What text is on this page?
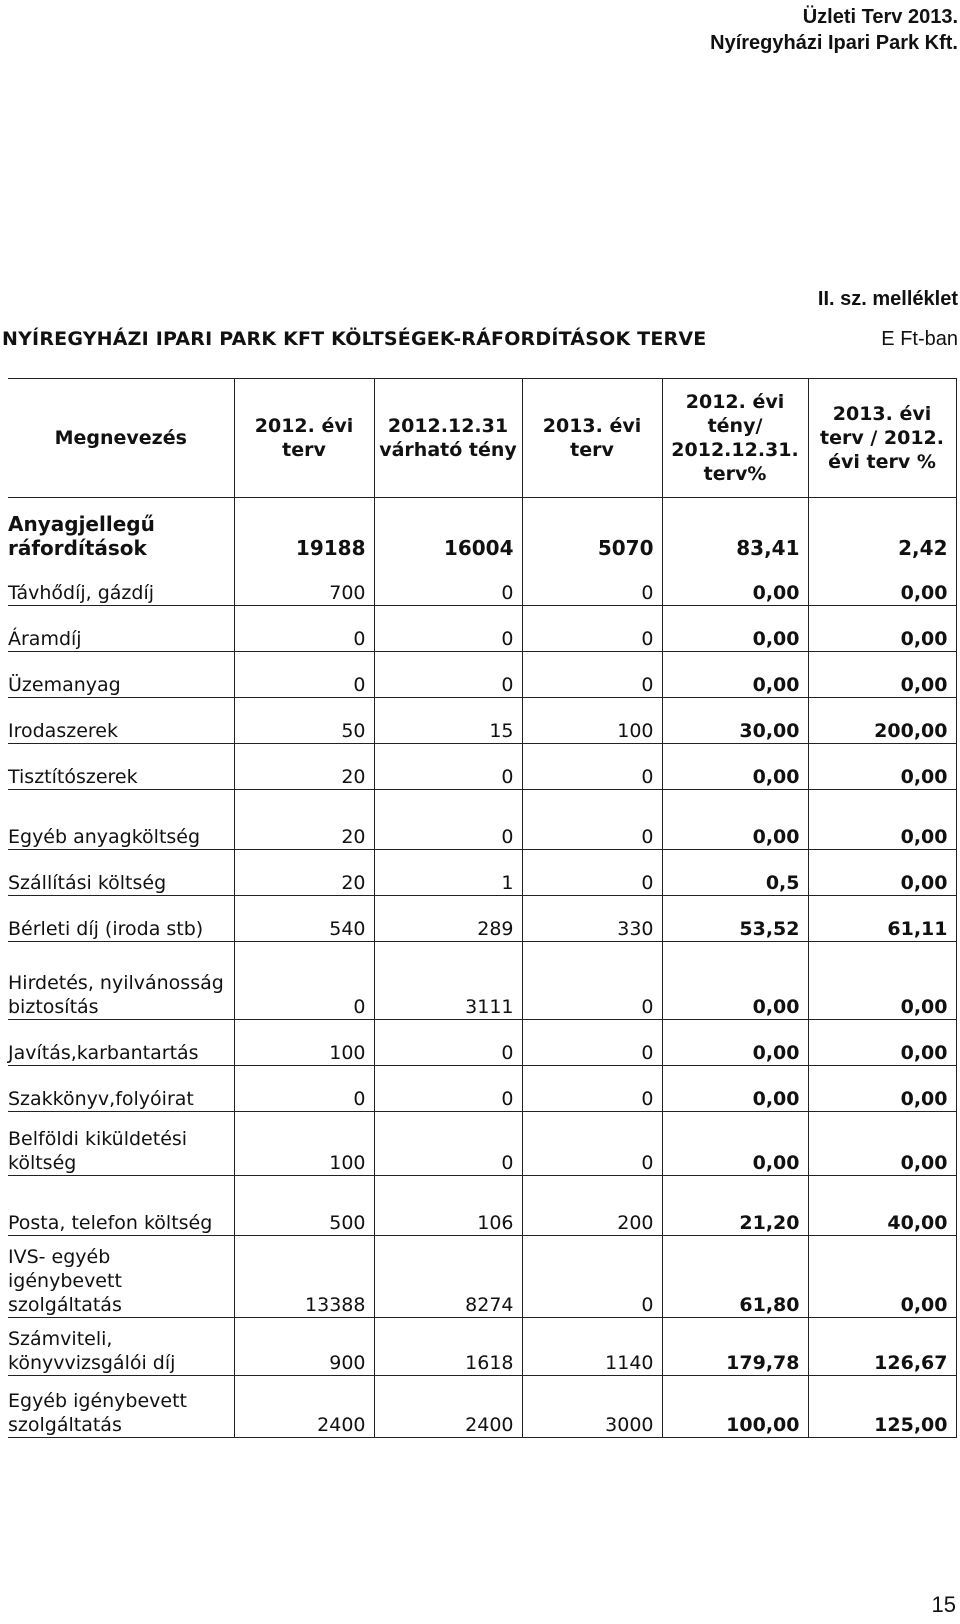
Üzleti Terv 2013.
Nyíregyházi Ipari Park Kft.
II. sz. melléklet
NYÍREGYHÁZI IPARI PARK KFT KÖLTSÉGEK-RÁFORDÍTÁSOK TERVE	E Ft-ban
Megnevezés	2012. évi terv	2012.12.31 várható tény	2013. évi terv	2012. évi tény/ 2012.12.31. terv%	2013. évi terv / 2012. évi terv %
Anyagjellegű ráfordítások	19188	16004	5070	83,41	2,42
Távhődíj, gázdíj	700	0	0	0,00	0,00
Áramdíj	0	0	0	0,00	0,00
Üzemanyag	0	0	0	0,00	0,00
Irodaszerek	50	15	100	30,00	200,00
Tisztítószerek	20	0	0	0,00	0,00
Egyéb anyagköltség	20	0	0	0,00	0,00
Szállítási költség	20	1	0	0,5	0,00
Bérleti díj (iroda stb)	540	289	330	53,52	61,11
Hirdetés, nyilvánosság biztosítás	0	3111	0	0,00	0,00
Javítás,karbantartás	100	0	0	0,00	0,00
Szakkönyv,folyóirat	0	0	0	0,00	0,00
Belföldi kiküldetési költség	100	0	0	0,00	0,00
Posta, telefon költség	500	106	200	21,20	40,00
IVS- egyéb igénybevett szolgáltatás	13388	8274	0	61,80	0,00
Számviteli, könyvvizsgálói díj	900	1618	1140	179,78	126,67
Egyéb igénybevett szolgáltatás	2400	2400	3000	100,00	125,00
15
